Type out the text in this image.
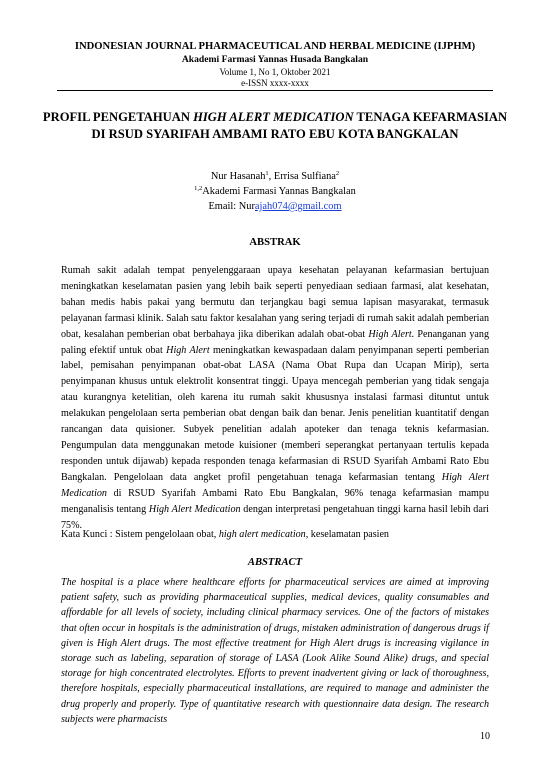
INDONESIAN JOURNAL PHARMACEUTICAL AND HERBAL MEDICINE (IJPHM)
Akademi Farmasi Yannas Husada Bangkalan
Volume 1, No 1, Oktober 2021
e-ISSN xxxx-xxxx
PROFIL PENGETAHUAN HIGH ALERT MEDICATION TENAGA KEFARMASIAN DI RSUD SYARIFAH AMBAMI RATO EBU KOTA BANGKALAN
Nur Hasanah$^1$, Errisa Sulfiana$^2$
$^{1,2}$Akademi Farmasi Yannas Bangkalan
Email: Nurajah074@gmail.com
ABSTRAK

Rumah sakit adalah tempat penyelenggaraan upaya kesehatan pelayanan kefarmasian bertujuan meningkatkan keselamatan pasien yang lebih baik seperti penyediaan sediaan farmasi, alat kesehatan, bahan medis habis pakai yang bermutu dan terjangkau bagi semua lapisan masyarakat, termasuk pelayanan farmasi klinik. Salah satu faktor kesalahan yang sering terjadi di rumah sakit adalah pemberian obat, kesalahan pemberian obat berbahaya jika diberikan adalah obat-obat High Alert. Penanganan yang paling efektif untuk obat High Alert meningkatkan kewaspadaan dalam penyimpanan seperti pemberian label, pemisahan penyimpanan obat-obat LASA (Nama Obat Rupa dan Ucapan Mirip), serta penyimpanan khusus untuk elektrolit konsentrat tinggi. Upaya mencegah pemberian yang tidak sengaja atau kurangnya ketelitian, oleh karena itu rumah sakit khususnya instalasi farmasi dituntut untuk melakukan pengelolaan serta pemberian obat dengan baik dan benar. Jenis penelitian kuantitatif dengan rancangan data quisioner. Subyek penelitian adalah apoteker dan tenaga teknis kefarmasian. Pengumpulan data menggunakan metode kuisioner (memberi seperangkat pertanyaan tertulis kepada responden untuk dijawab) kepada responden tenaga kefarmasian di RSUD Syarifah Ambami Rato Ebu Bangkalan. Pengelolaan data angket profil pengetahuan tenaga kefarmasian tentang High Alert Medication di RSUD Syarifah Ambami Rato Ebu Bangkalan, 96% tenaga kefarmasian mampu menganalisis tentang High Alert Medication dengan interpretasi pengetahuan tinggi karna hasil lebih dari 75%.

Kata Kunci : Sistem pengelolaan obat, high alert medication, keselamatan pasien

ABSTRACT

The hospital is a place where healthcare efforts for pharmaceutical services are aimed at improving patient safety, such as providing pharmaceutical supplies, medical devices, quality consumables and affordable for all levels of society, including clinical pharmacy services. One of the factors of mistakes that often occur in hospitals is the administration of drugs, mistaken administration of dangerous drugs if given is High Alert drugs. The most effective treatment for High Alert drugs is increasing vigilance in storage such as labeling, separation of storage of LASA (Look Alike Sound Alike) drugs, and special storage for high concentrated electrolytes. Efforts to prevent inadvertent giving or lack of thoroughness, therefore hospitals, especially pharmaceutical installations, are required to manage and administer the drug properly and properly. Type of quantitative research with questionnaire data design. The research subjects were pharmacists

10
